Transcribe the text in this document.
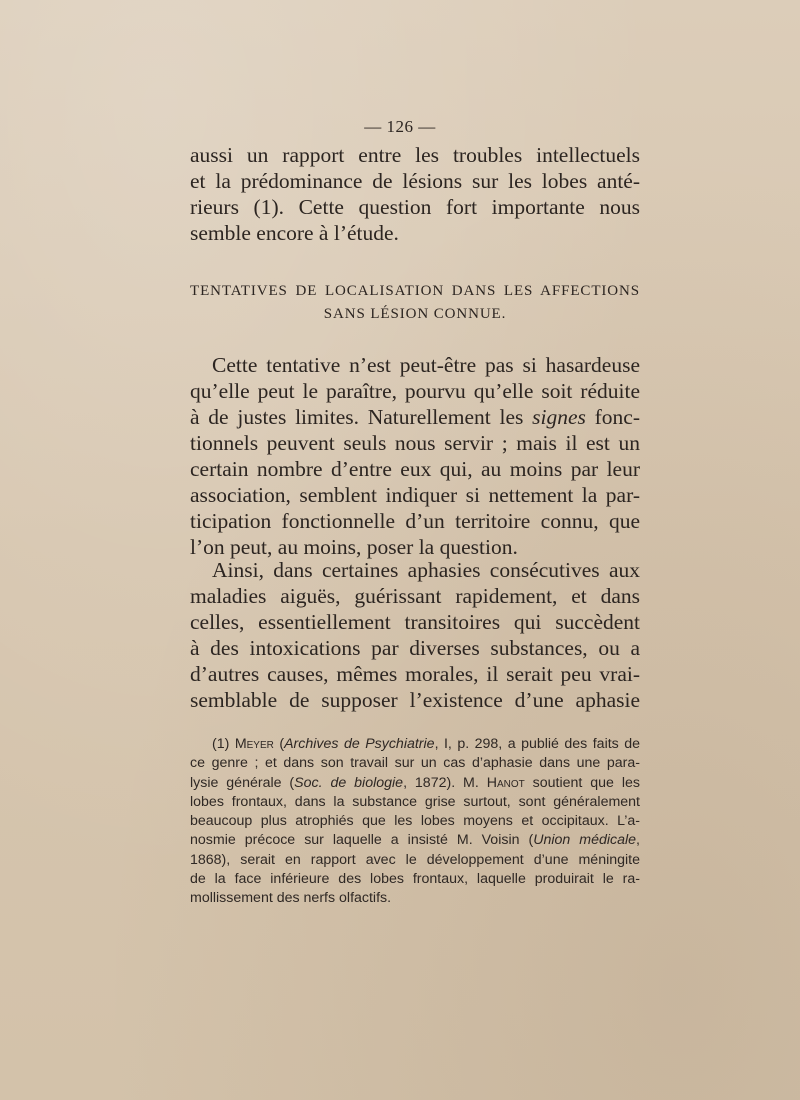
— 126 —

aussi un rapport entre les troubles intellectuels
et la prédominance de lésions sur les lobes anté-
rieurs (1). Cette question fort importante nous
semble encore à l’étude.

TENTATIVES DE LOCALISATION DANS LES AFFECTIONS
SANS LÉSION CONNUE.

Cette tentative n’est peut-être pas si hasardeuse
qu’elle peut le paraître, pourvu qu’elle soit réduite
à de justes limites. Naturellement les signes fonc-
tionnels peuvent seuls nous servir ; mais il est un
certain nombre d’entre eux qui, au moins par leur
association, semblent indiquer si nettement la par-
ticipation fonctionnelle d’un territoire connu, que
l’on peut, au moins, poser la question.

Ainsi, dans certaines aphasies consécutives aux
maladies aiguës, guérissant rapidement, et dans
celles, essentiellement transitoires qui succèdent
à des intoxications par diverses substances, ou a
d’autres causes, mêmes morales, il serait peu vrai-
semblable de supposer l’existence d’une aphasie

(1) Meyer (Archives de Psychiatrie, I, p. 298, a publié des faits de
ce genre ; et dans son travail sur un cas d’aphasie dans une para-
lysie générale (Soc. de biologie, 1872). M. Hanot soutient que les
lobes frontaux, dans la substance grise surtout, sont généralement
beaucoup plus atrophiés que les lobes moyens et occipitaux. L’a-
nosmie précoce sur laquelle a insisté M. Voisin (Union médicale,
1868), serait en rapport avec le développement d’une méningite
de la face inférieure des lobes frontaux, laquelle produirait le ra-
mollissement des nerfs olfactifs.
